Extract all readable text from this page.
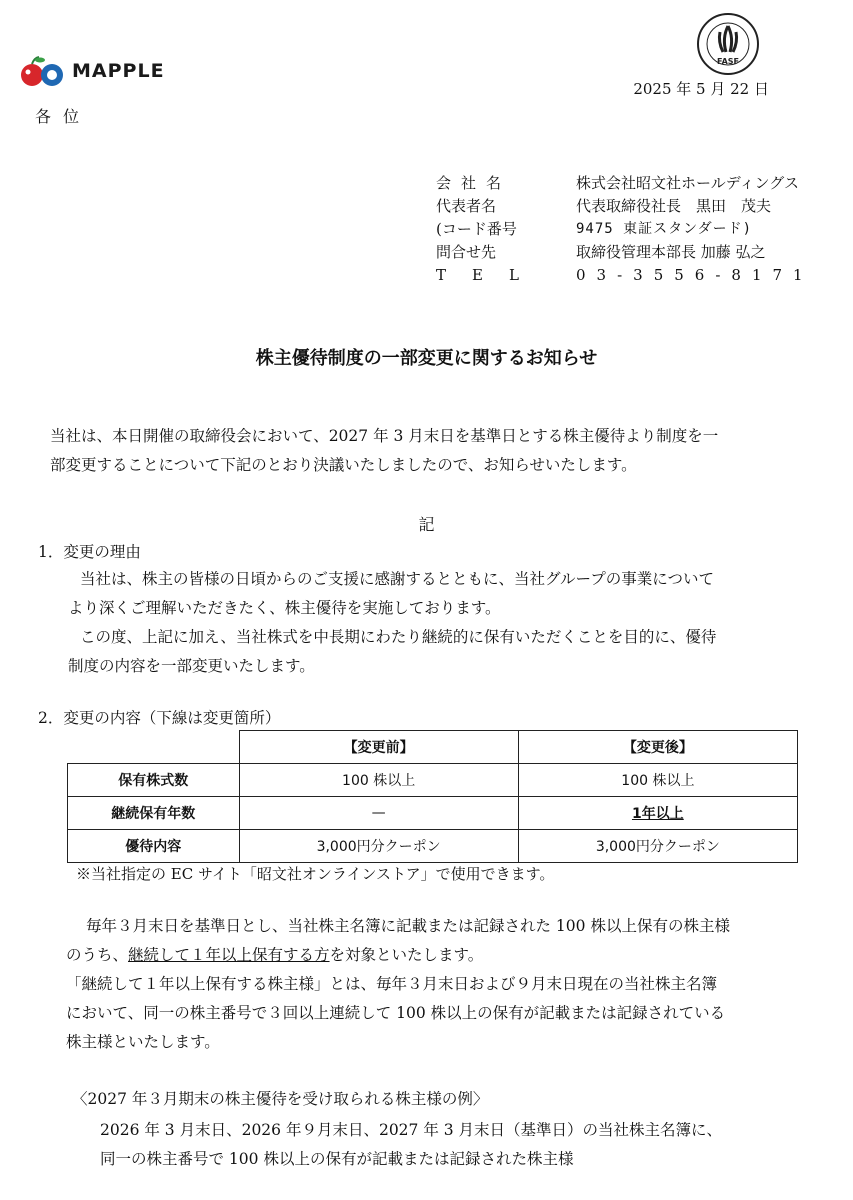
MAPPLE	FASF
2025 年 5 月 22 日
各位
会社名	株式会社昭文社ホールディングス
代表者名	代表取締役社長　黒田　茂夫
(コード番号	9475 東証スタンダード)
問合せ先	取締役管理本部長 加藤 弘之
TEL	03-3556-8171
株主優待制度の一部変更に関するお知らせ
当社は、本日開催の取締役会において、2027 年 3 月末日を基準日とする株主優待より制度を一
部変更することについて下記のとおり決議いたしましたので、お知らせいたします。
記
1．変更の理由
当社は、株主の皆様の日頃からのご支援に感謝するとともに、当社グループの事業について
より深くご理解いただきたく、株主優待を実施しております。
この度、上記に加え、当社株式を中長期にわたり継続的に保有いただくことを目的に、優待
制度の内容を一部変更いたします。
2．変更の内容（下線は変更箇所）
	【変更前】	【変更後】
保有株式数	100 株以上	100 株以上
継続保有年数	—	1年以上
優待内容	3,000円分クーポン	3,000円分クーポン
※当社指定の EC サイト「昭文社オンラインストア」で使用できます。
毎年３月末日を基準日とし、当社株主名簿に記載または記録された 100 株以上保有の株主様
のうち、継続して１年以上保有する方を対象といたします。
「継続して１年以上保有する株主様」とは、毎年３月末日および９月末日現在の当社株主名簿
において、同一の株主番号で３回以上連続して 100 株以上の保有が記載または記録されている
株主様といたします。
〈2027 年３月期末の株主優待を受け取られる株主様の例〉
2026 年 3 月末日、2026 年９月末日、2027 年 3 月末日（基準日）の当社株主名簿に、
同一の株主番号で 100 株以上の保有が記載または記録された株主様
